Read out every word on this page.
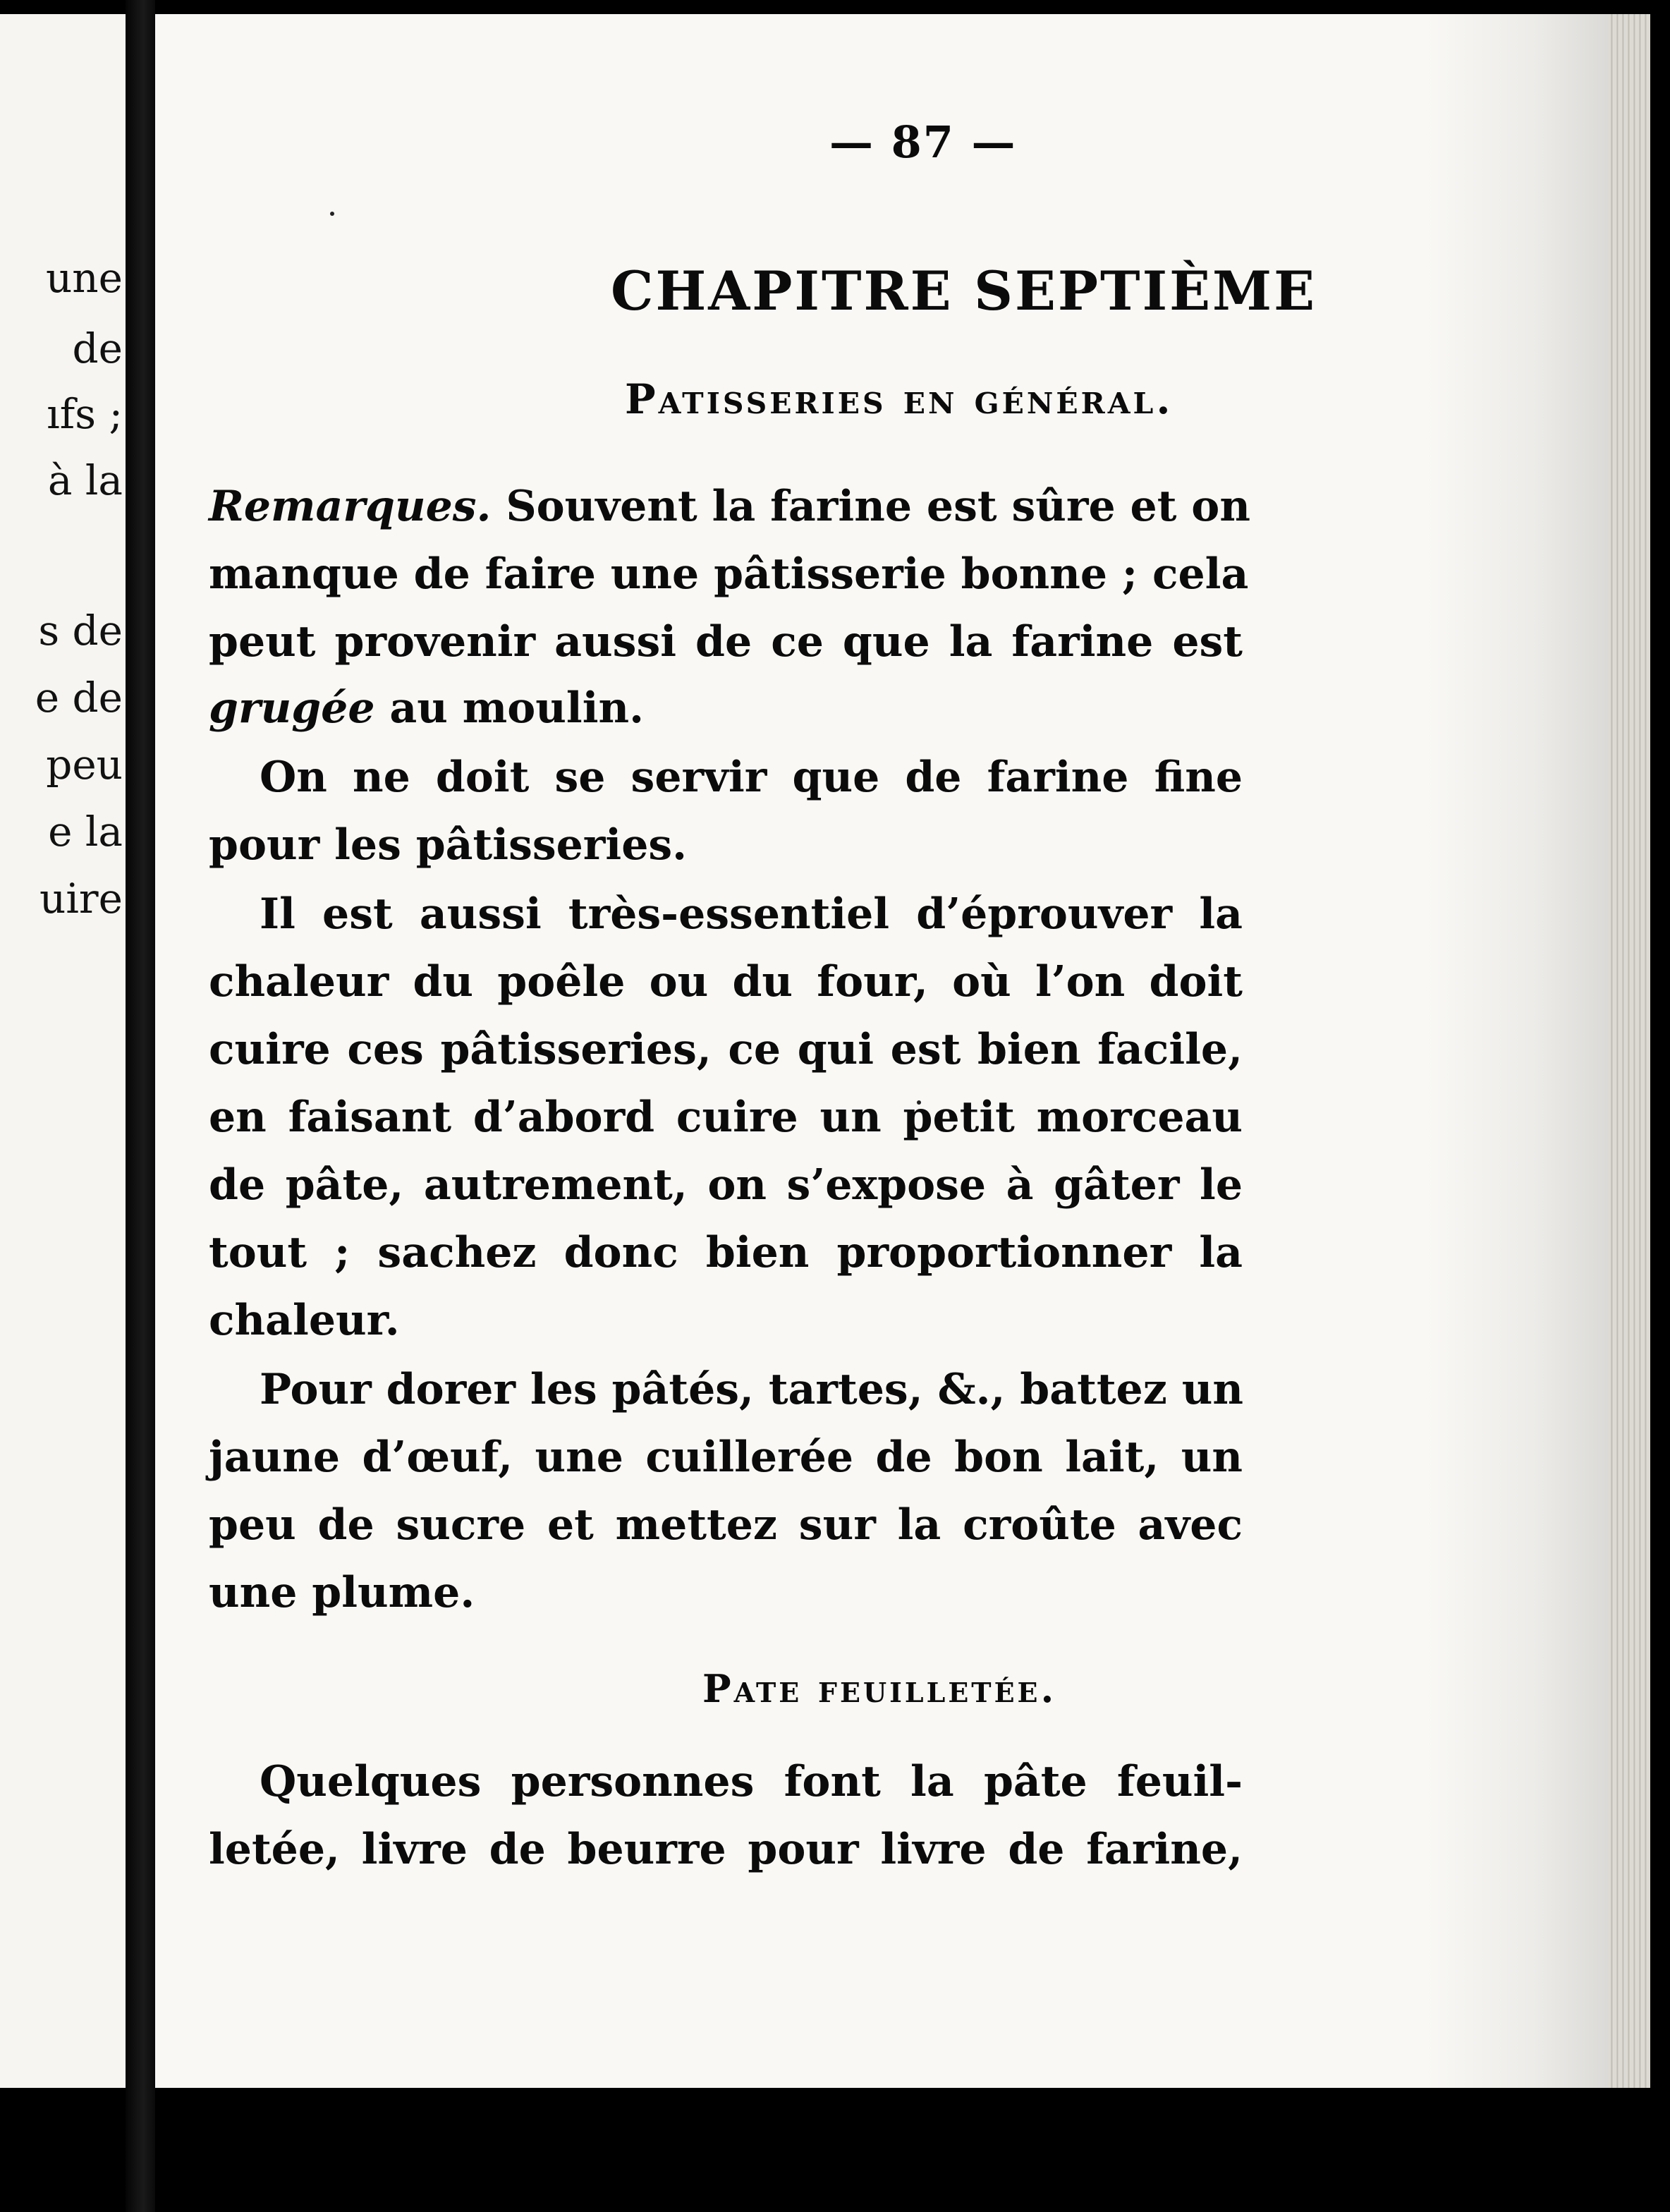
une
de
ıfs ;
à la
s de
e de
peu
e la
uire
— 87 —
CHAPITRE SEPTIÈME
Patisseries en général.
Remarques. Souvent la farine est sûre et on
manque de faire une pâtisserie bonne ; cela
peut provenir aussi de ce que la farine est
grugée au moulin.
On ne doit se servir que de farine fine
pour les pâtisseries.
Il est aussi très-essentiel d’éprouver la
chaleur du poêle ou du four, où l’on doit
cuire ces pâtisseries, ce qui est bien facile,
en faisant d’abord cuire un petit morceau
de pâte, autrement, on s’expose à gâter le
tout ; sachez donc bien proportionner la
chaleur.
Pour dorer les pâtés, tartes, &., battez un
jaune d’œuf, une cuillerée de bon lait, un
peu de sucre et mettez sur la croûte avec
une plume.
Pate feuilletée.
Quelques personnes font la pâte feuil-
letée, livre de beurre pour livre de farine,
